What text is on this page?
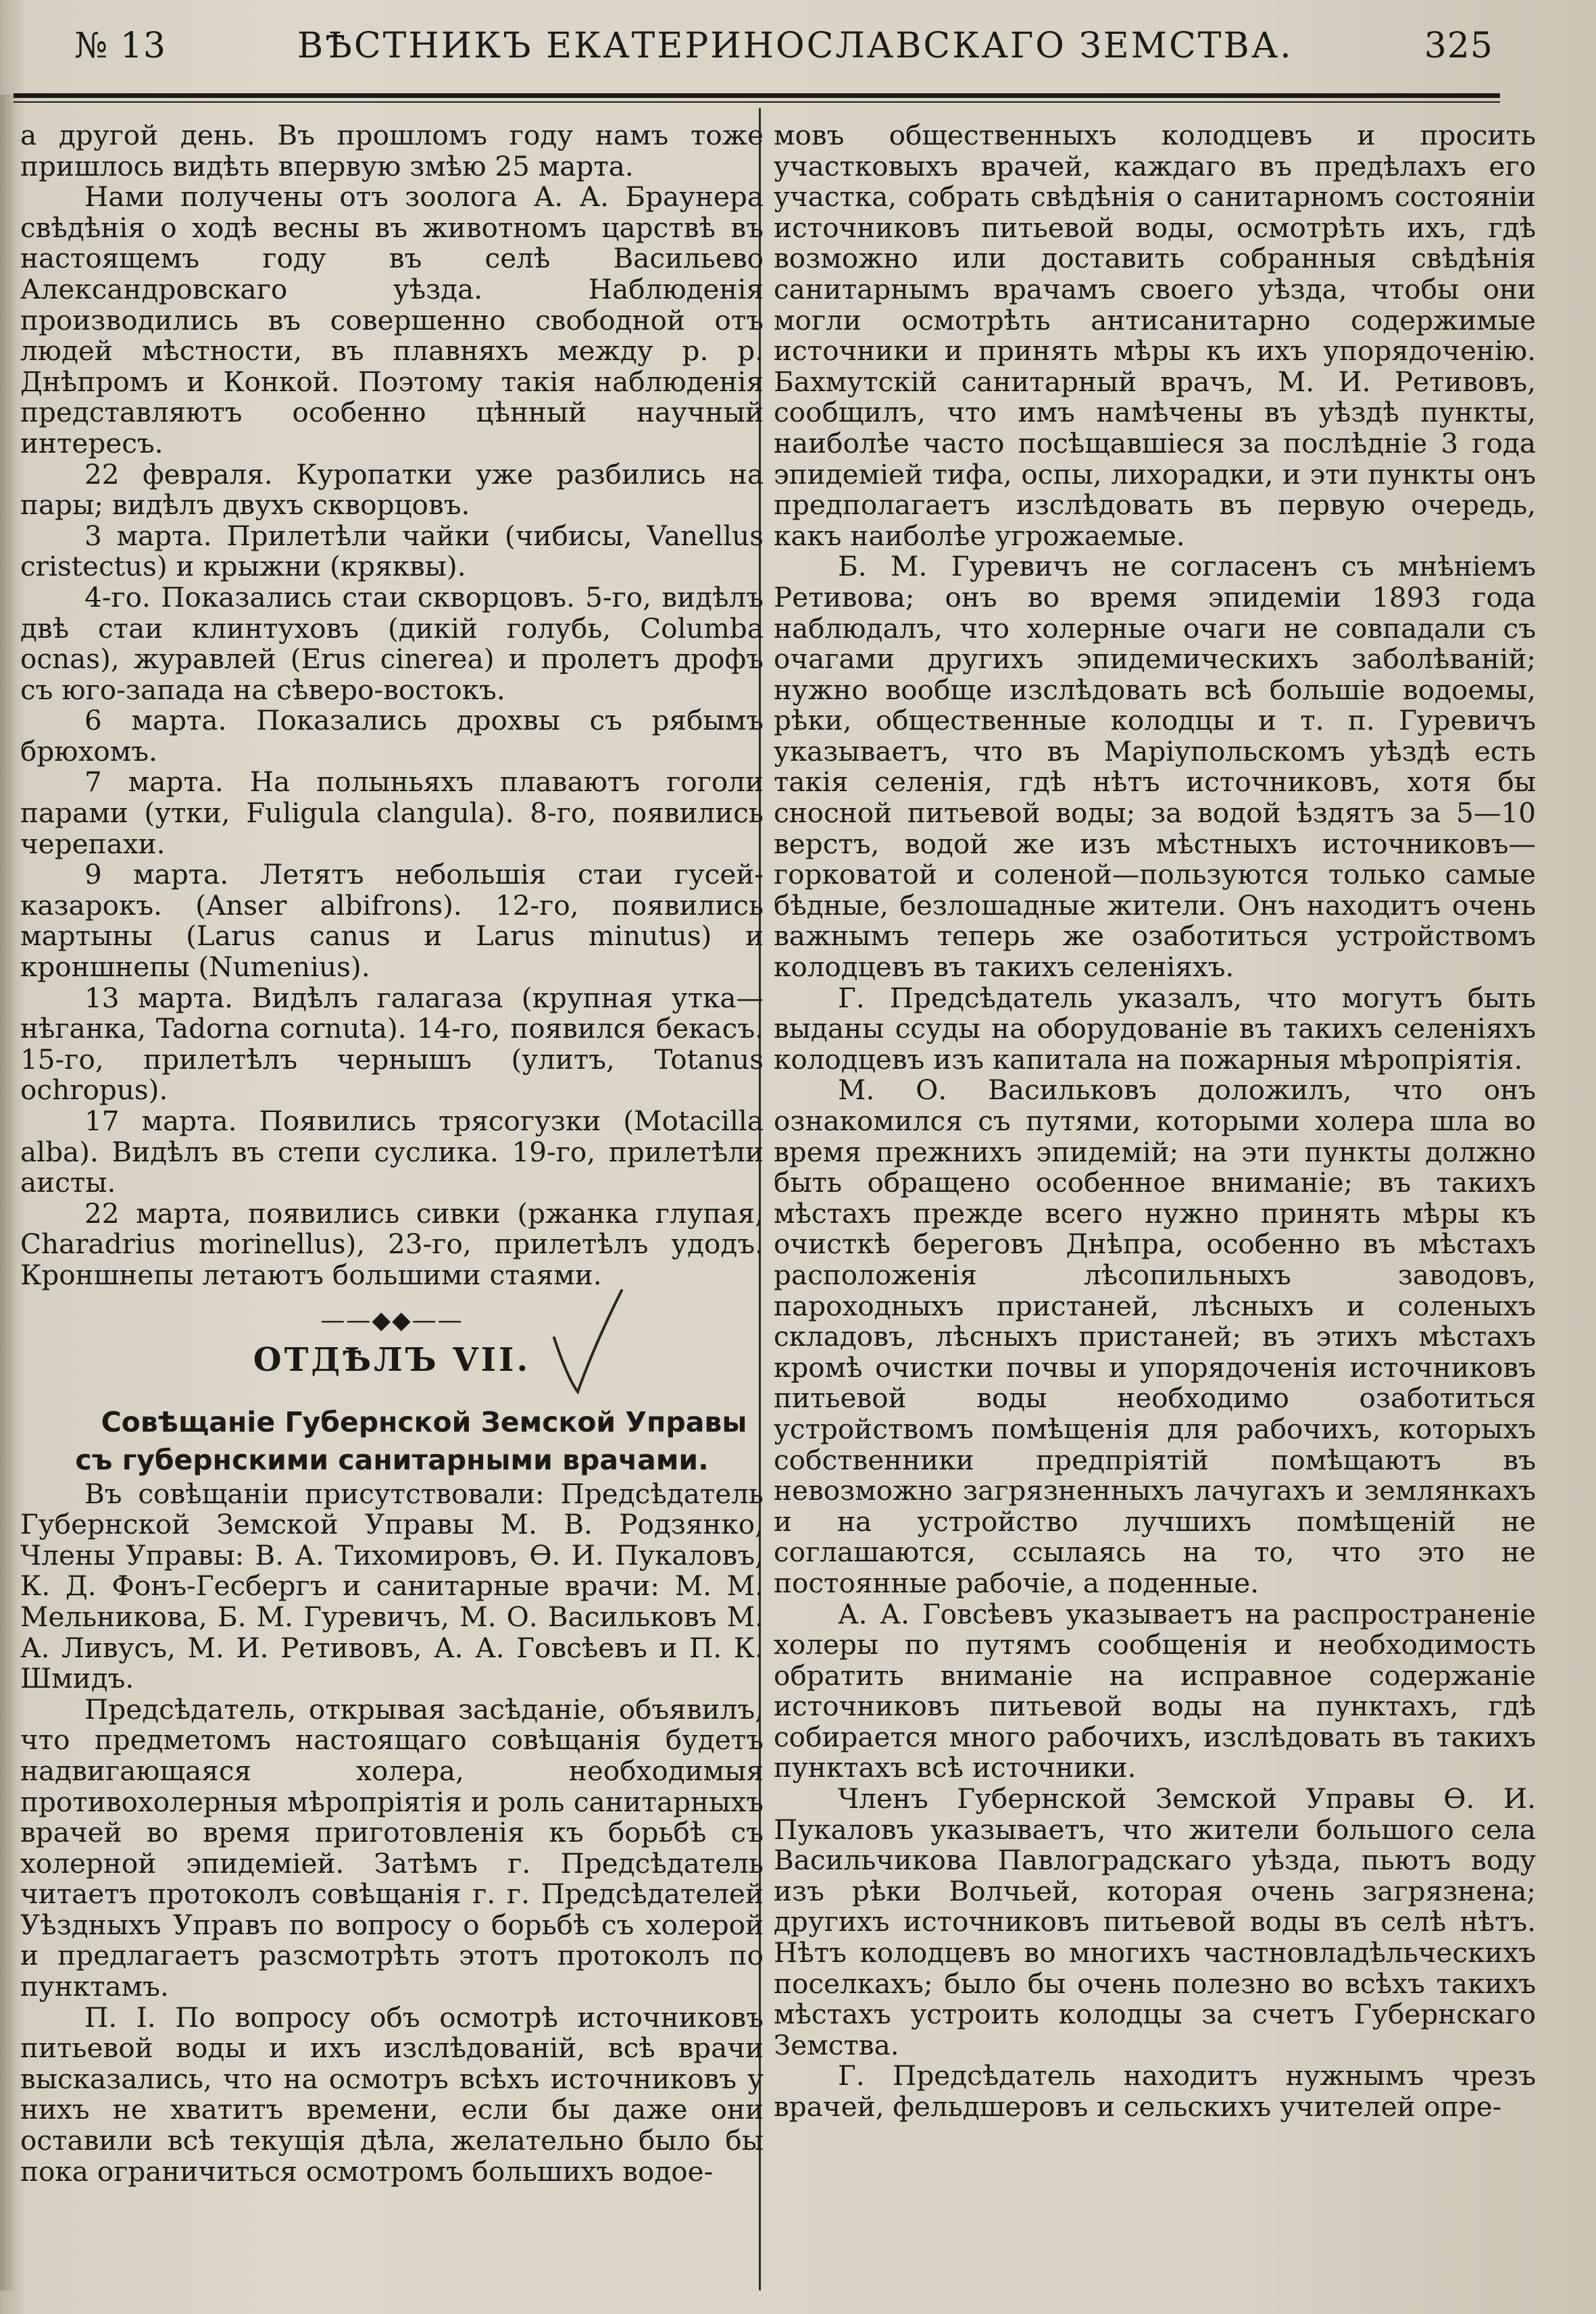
№ 13	ВѢСТНИКЪ ЕКАТЕРИНОСЛАВСКАГО ЗЕМСТВА.	325

а другой день. Въ прошломъ году намъ тоже пришлось видѣть впервую змѣю 25 марта.

Нами получены отъ зоолога А. А. Браунера свѣдѣнія о ходѣ весны въ животномъ царствѣ въ настоящемъ году въ селѣ Васильево Александровскаго уѣзда. Наблюденія производились въ совершенно свободной отъ людей мѣстности, въ плавняхъ между р. р. Днѣпромъ и Конкой. Поэтому такія наблюденія представляютъ особенно цѣнный научный интересъ.

22 февраля. Куропатки уже разбились на пары; видѣлъ двухъ скворцовъ.

3 марта. Прилетѣли чайки (чибисы, Vanellus cristectus) и крыжни (кряквы).

4-го. Показались стаи скворцовъ. 5-го, видѣлъ двѣ стаи клинтуховъ (дикій голубь, Columba ocnas), журавлей (Erus cinerea) и пролетъ дрофъ съ юго-запада на сѣверо-востокъ.

6 марта. Показались дрохвы съ рябымъ брюхомъ.

7 марта. На полыньяхъ плаваютъ гоголи парами (утки, Fuligula clangula). 8-го, появились черепахи.

9 марта. Летятъ небольшія стаи гусей-казарокъ. (Anser albifrons). 12-го, появились мартыны (Larus canus и Larus minutus) и кроншнепы (Numenius).

13 марта. Видѣлъ галагаза (крупная утка—нѣганка, Tadorna cornuta). 14-го, появился бекасъ. 15-го, прилетѣлъ чернышъ (улитъ, Totanus ochropus).

17 марта. Появились трясогузки (Motacilla alba). Видѣлъ въ степи суслика. 19-го, прилетѣли аисты.

22 марта, появились сивки (ржанка глупая, Charadrius morinellus), 23-го, прилетѣлъ удодъ. Кроншнепы летаютъ большими стаями.

——◆◆——
ОТДѢЛЪ VII.

Совѣщаніе Губернской Земской Управы съ губернскими санитарными врачами.

Въ совѣщаніи присутствовали: Предсѣдатель Губернской Земской Управы М. В. Родзянко, Члены Управы: В. А. Тихомировъ, Ѳ. И. Пукаловъ, К. Д. Фонъ-Гесбергъ и санитарные врачи: М. М. Мельникова, Б. М. Гуревичъ, М. О. Васильковъ М. А. Ливусъ, М. И. Ретивовъ, А. А. Говсѣевъ и П. К. Шмидъ.

Предсѣдатель, открывая засѣданіе, объявилъ, что предметомъ настоящаго совѣщанія будетъ надвигающаяся холера, необходимыя противохолерныя мѣропріятія и роль санитарныхъ врачей во время приготовленія къ борьбѣ съ холерной эпидеміей. Затѣмъ г. Предсѣдатель читаетъ протоколъ совѣщанія г. г. Предсѣдателей Уѣздныхъ Управъ по вопросу о борьбѣ съ холерой и предлагаетъ разсмотрѣть этотъ протоколъ по пунктамъ.

П. I. По вопросу объ осмотрѣ источниковъ питьевой воды и ихъ изслѣдованій, всѣ врачи высказались, что на осмотръ всѣхъ источниковъ у нихъ не хватитъ времени, если бы даже они оставили всѣ текущія дѣла, желательно было бы пока ограничиться осмотромъ большихъ водое-

мовъ общественныхъ колодцевъ и просить участковыхъ врачей, каждаго въ предѣлахъ его участка, собрать свѣдѣнія о санитарномъ состояніи источниковъ питьевой воды, осмотрѣть ихъ, гдѣ возможно или доставить собранныя свѣдѣнія санитарнымъ врачамъ своего уѣзда, чтобы они могли осмотрѣть антисанитарно содержимые источники и принять мѣры къ ихъ упорядоченію. Бахмутскій санитарный врачъ, М. И. Ретивовъ, сообщилъ, что имъ намѣчены въ уѣздѣ пункты, наиболѣе часто посѣщавшіеся за послѣдніе 3 года эпидеміей тифа, оспы, лихорадки, и эти пункты онъ предполагаетъ изслѣдовать въ первую очередь, какъ наиболѣе угрожаемые.

Б. М. Гуревичъ не согласенъ съ мнѣніемъ Ретивова; онъ во время эпидеміи 1893 года наблюдалъ, что холерные очаги не совпадали съ очагами другихъ эпидемическихъ заболѣваній; нужно вообще изслѣдовать всѣ большіе водоемы, рѣки, общественные колодцы и т. п. Гуревичъ указываетъ, что въ Маріупольскомъ уѣздѣ есть такія селенія, гдѣ нѣтъ источниковъ, хотя бы сносной питьевой воды; за водой ѣздятъ за 5—10 верстъ, водой же изъ мѣстныхъ источниковъ—горковатой и соленой—пользуются только самые бѣдные, безлошадные жители. Онъ находитъ очень важнымъ теперь же озаботиться устройствомъ колодцевъ въ такихъ селеніяхъ.

Г. Предсѣдатель указалъ, что могутъ быть выданы ссуды на оборудованіе въ такихъ селеніяхъ колодцевъ изъ капитала на пожарныя мѣропріятія.

М. О. Васильковъ доложилъ, что онъ ознакомился съ путями, которыми холера шла во время прежнихъ эпидемій; на эти пункты должно быть обращено особенное вниманіе; въ такихъ мѣстахъ прежде всего нужно принять мѣры къ очисткѣ береговъ Днѣпра, особенно въ мѣстахъ расположенія лѣсопильныхъ заводовъ, пароходныхъ пристаней, лѣсныхъ и соленыхъ складовъ, лѣсныхъ пристаней; въ этихъ мѣстахъ кромѣ очистки почвы и упорядоченія источниковъ питьевой воды необходимо озаботиться устройствомъ помѣщенія для рабочихъ, которыхъ собственники предпріятій помѣщаютъ въ невозможно загрязненныхъ лачугахъ и землянкахъ и на устройство лучшихъ помѣщеній не соглашаются, ссылаясь на то, что это не постоянные рабочіе, а поденные.

А. А. Говсѣевъ указываетъ на распространеніе холеры по путямъ сообщенія и необходимость обратить вниманіе на исправное содержаніе источниковъ питьевой воды на пунктахъ, гдѣ собирается много рабочихъ, изслѣдовать въ такихъ пунктахъ всѣ источники.

Членъ Губернской Земской Управы Ѳ. И. Пукаловъ указываетъ, что жители большого села Васильчикова Павлоградскаго уѣзда, пьютъ воду изъ рѣки Волчьей, которая очень загрязнена; другихъ источниковъ питьевой воды въ селѣ нѣтъ. Нѣтъ колодцевъ во многихъ частновладѣльческихъ поселкахъ; было бы очень полезно во всѣхъ такихъ мѣстахъ устроить колодцы за счетъ Губернскаго Земства.

Г. Предсѣдатель находитъ нужнымъ чрезъ врачей, фельдшеровъ и сельскихъ учителей опре-
